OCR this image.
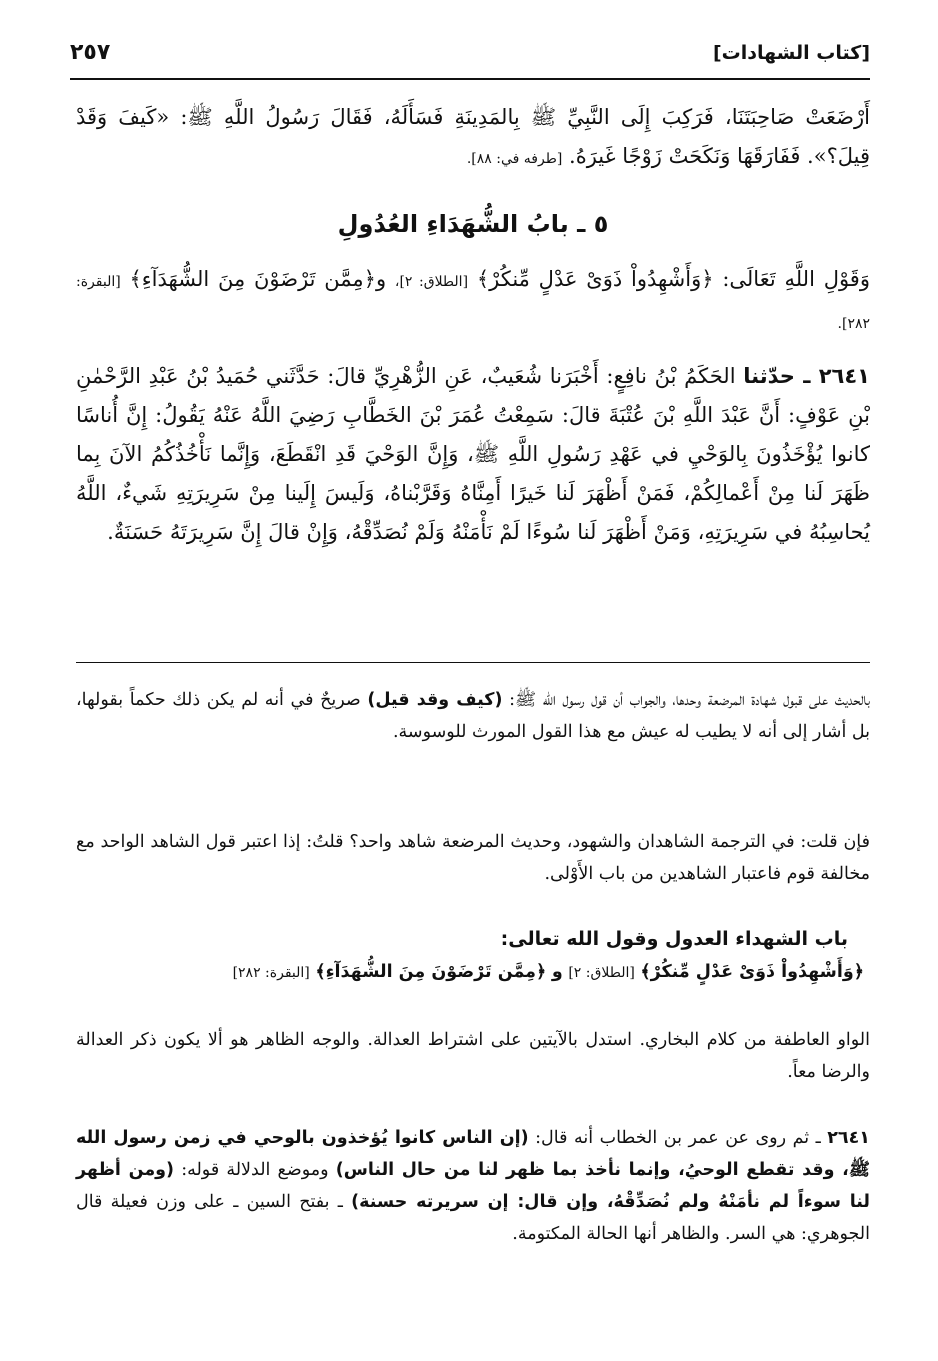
[كتاب الشهادات]
٢٥٧
أَرْضَعَتْ صَاحِبَتَنَا، فَرَكِبَ إِلَى النَّبِيِّ ﷺ بِالمَدِينَةِ فَسَأَلَهُ، فَقَالَ رَسُولُ اللَّهِ ﷺ: «كَيفَ وَقَدْ قِيلَ؟». فَفَارَقَهَا وَنَكَحَتْ زَوْجًا غَيرَهُ. [طرفه في: ٨٨].
٥ ـ بابُ الشُّهَدَاءِ العُدُولِ
وَقَوْلِ اللَّهِ تَعَالَى: ﴿وَأَشْهِدُواْ ذَوَىْ عَدْلٍ مِّنكُرْ﴾ [الطلاق: ٢]، و﴿مِمَّن تَرْضَوْنَ مِنَ الشُّهَدَآءِ﴾ [البقرة: ٢٨٢].
٢٦٤١ ـ حدّثنا الحَكَمُ بْنُ نافِعٍ: أَخْبَرَنا شُعَيبٌ، عَنِ الزُّهْرِيِّ قالَ: حَدَّثَني حُمَيدُ بْنُ عَبْدِ الرَّحْمٰنِ بْنِ عَوْفٍ: أَنَّ عَبْدَ اللَّهِ بْنَ عُتْبَةَ قالَ: سَمِعْتُ عُمَرَ بْنَ الخَطَّابِ رَضِيَ اللَّهُ عَنْهُ يَقُولُ: إِنَّ أُناسًا كانوا يُؤْخَذُونَ بِالوَحْيِ في عَهْدِ رَسُولِ اللَّهِ ﷺ، وَإِنَّ الوَحْيَ قَدِ انْقَطَعَ، وَإِنَّما نَأْخُذُكُمُ الآنَ بِما ظَهَرَ لَنا مِنْ أَعْمالِكُمْ، فَمَنْ أَظْهَرَ لَنا خَيرًا أَمِنَّاهُ وَقَرَّبْناهُ، وَلَيسَ إِلَينا مِنْ سَرِيرَتِهِ شَيءٌ، اللَّهُ يُحاسِبُهُ في سَرِيرَتِهِ، وَمَنْ أَظْهَرَ لَنا سُوءًا لَمْ نَأْمَنْهُ وَلَمْ نُصَدِّقْهُ، وَإِنْ قالَ إِنَّ سَرِيرَتَهُ حَسَنَةٌ.
بالحديث على قبول شهادة المرضعة وحدها، والجواب أن قول رسول الله ﷺ: (كيف وقد قيل) صريحٌ في أنه لم يكن ذلك حكماً بقولها، بل أشار إلى أنه لا يطيب له عيش مع هذا القول المورث للوسوسة.
فإن قلت: في الترجمة الشاهدان والشهود، وحديث المرضعة شاهد واحد؟ قلتُ: إذا اعتبر قول الشاهد الواحد مع مخالفة قوم فاعتبار الشاهدين من باب الأَوْلى.
باب الشهداء العدول وقول الله تعالى:
﴿وَأَشْهِدُواْ ذَوَىْ عَدْلٍ مِّنكُرْ﴾ [الطلاق: ٢] و ﴿مِمَّن تَرْضَوْنَ مِنَ الشُّهَدَآءِ﴾ [البقرة: ٢٨٢]
الواو العاطفة من كلام البخاري. استدل بالآيتين على اشتراط العدالة. والوجه الظاهر هو ألا يكون ذكر العدالة والرضا معاً.
٢٦٤١ ـ ثم روى عن عمر بن الخطاب أنه قال: (إن الناس كانوا يُؤخذون بالوحي في زمن رسول الله ﷺ، وقد تقطع الوحيُ، وإنما نأخذ بما ظهر لنا من حال الناس) وموضع الدلالة قوله: (ومن أظهر لنا سوءاً لم نأمَنْهُ ولم نُصَدِّقْهُ، وإن قال: إن سريرته حسنة) ـ بفتح السين ـ على وزن فعيلة قال الجوهري: هي السر. والظاهر أنها الحالة المكتومة.
